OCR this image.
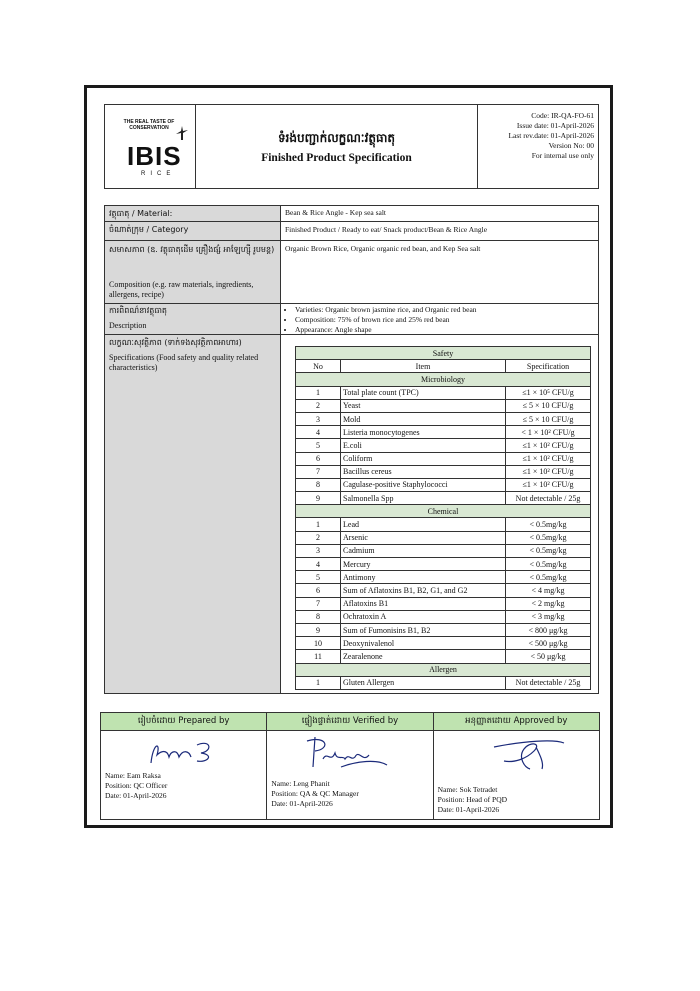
THE REAL TASTE OF CONSERVATION
IBIS
RICE
ទំរង់បញ្ជាក់លក្ខណៈវត្ថុធាតុ
Finished Product Specification
Code: IR-QA-FO-61
Issue date: 01-April-2026
Last rev.date: 01-April-2026
Version No: 00
For internal use only
វត្ថុធាតុ / Material:	Bean & Rice Angle - Kep sea salt
ចំណាត់ក្រុម / Category	Finished Product / Ready to eat/ Snack product/Bean & Rice Angle
សមាសភាព (ឧ. វត្ថុធាតុដើម គ្រឿងផ្សំ អាឡែហ្ស៊ី រូបមន្ត)
Composition (e.g. raw materials, ingredients, allergens, recipe)
Organic Brown Rice, Organic organic red bean, and Kep Sea salt
ការពិពណ៌នាវត្ថុធាតុ
Description
• Varieties: Organic brown jasmine rice, and Organic red bean
• Composition: 75% of brown rice and 25% red bean
• Appearance: Angle shape
លក្ខណៈសុវត្ថិភាព (ទាក់ទងសុវត្ថិភាពអាហារ)
Specifications (Food safety and quality related characteristics)
Safety		
No	Item	Specification
Microbiology		
1	Total plate count (TPC)	≤1 × 10⁵ CFU/g
2	Yeast	≤ 5 × 10 CFU/g
3	Mold	≤ 5 × 10 CFU/g
4	Listeria monocytogenes	< 1 × 10² CFU/g
5	E.coli	≤1 × 10² CFU/g
6	Coliform	≤1 × 10² CFU/g
7	Bacillus cereus	≤1 × 10² CFU/g
8	Cagulase-positive Staphylococci	≤1 × 10² CFU/g
9	Salmonella Spp	Not detectable / 25g
Chemical		
1	Lead	< 0.5mg/kg
2	Arsenic	< 0.5mg/kg
3	Cadmium	< 0.5mg/kg
4	Mercury	< 0.5mg/kg
5	Antimony	< 0.5mg/kg
6	Sum of Aflatoxins B1, B2, G1, and G2	< 4 mg/kg
7	Aflatoxins B1	< 2 mg/kg
8	Ochratoxin A	< 3 mg/kg
9	Sum of Fumonisins B1, B2	< 800 μg/kg
10	Deoxynivalenol	< 500 μg/kg
11	Zearalenone	< 50 μg/kg
Allergen		
1	Gluten Allergen	Not detectable / 25g
រៀបចំដោយ Prepared by
Name: Eam Raksa
Position: QC Officer
Date: 01-April-2026
ផ្ទៀងផ្ទាត់ដោយ Verified by
Name: Leng Phanit
Position: QA & QC Manager
Date: 01-April-2026
អនុញ្ញាតដោយ Approved by
Name: Sok Tetradet
Position: Head of PQD
Date: 01-April-2026
